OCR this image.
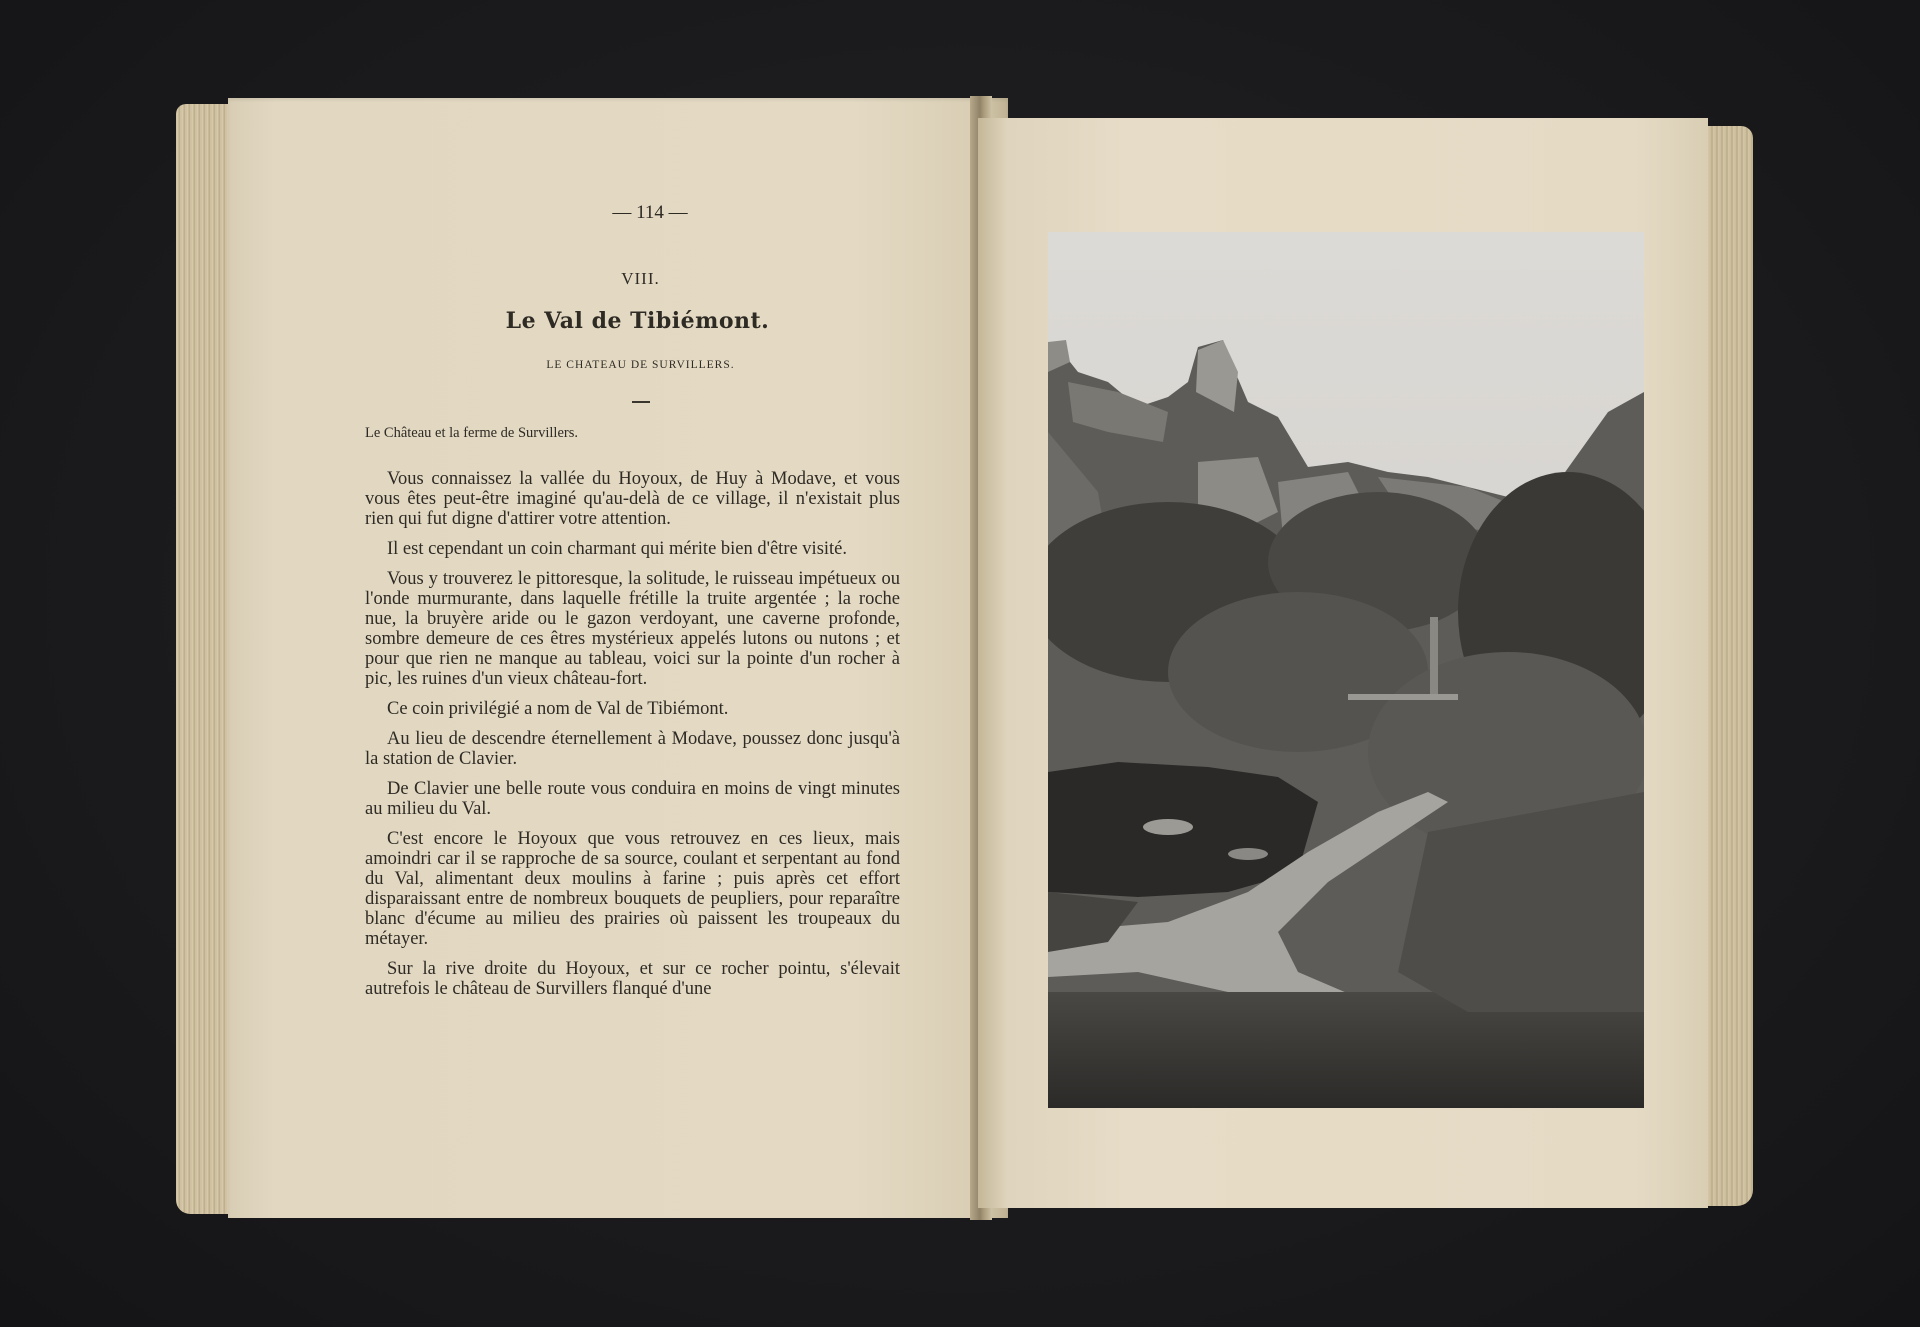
— 114 —
VIII.
Le Val de Tibiémont.
LE CHATEAU DE SURVILLERS.
Le Château et la ferme de Survillers.

Vous connaissez la vallée du Hoyoux, de Huy à Modave, et vous vous êtes peut-être imaginé qu'au-delà de ce village, il n'existait plus rien qui fut digne d'attirer votre attention.

Il est cependant un coin charmant qui mérite bien d'être visité.

Vous y trouverez le pittoresque, la solitude, le ruisseau impétueux ou l'onde murmurante, dans laquelle frétille la truite argentée ; la roche nue, la bruyère aride ou le gazon verdoyant, une caverne profonde, sombre demeure de ces êtres mystérieux appelés lutons ou nutons ; et pour que rien ne manque au tableau, voici sur la pointe d'un rocher à pic, les ruines d'un vieux château-fort.

Ce coin privilégié a nom de Val de Tibiémont.

Au lieu de descendre éternellement à Modave, poussez donc jusqu'à la station de Clavier.

De Clavier une belle route vous conduira en moins de vingt minutes au milieu du Val.

C'est encore le Hoyoux que vous retrouvez en ces lieux, mais amoindri car il se rapproche de sa source, coulant et serpentant au fond du Val, alimentant deux moulins à farine ; puis après cet effort disparaissant entre de nombreux bouquets de peupliers, pour reparaître blanc d'écume au milieu des prairies où paissent les troupeaux du métayer.

Sur la rive droite du Hoyoux, et sur ce rocher pointu, s'élevait autrefois le château de Survillers flanqué d'une
